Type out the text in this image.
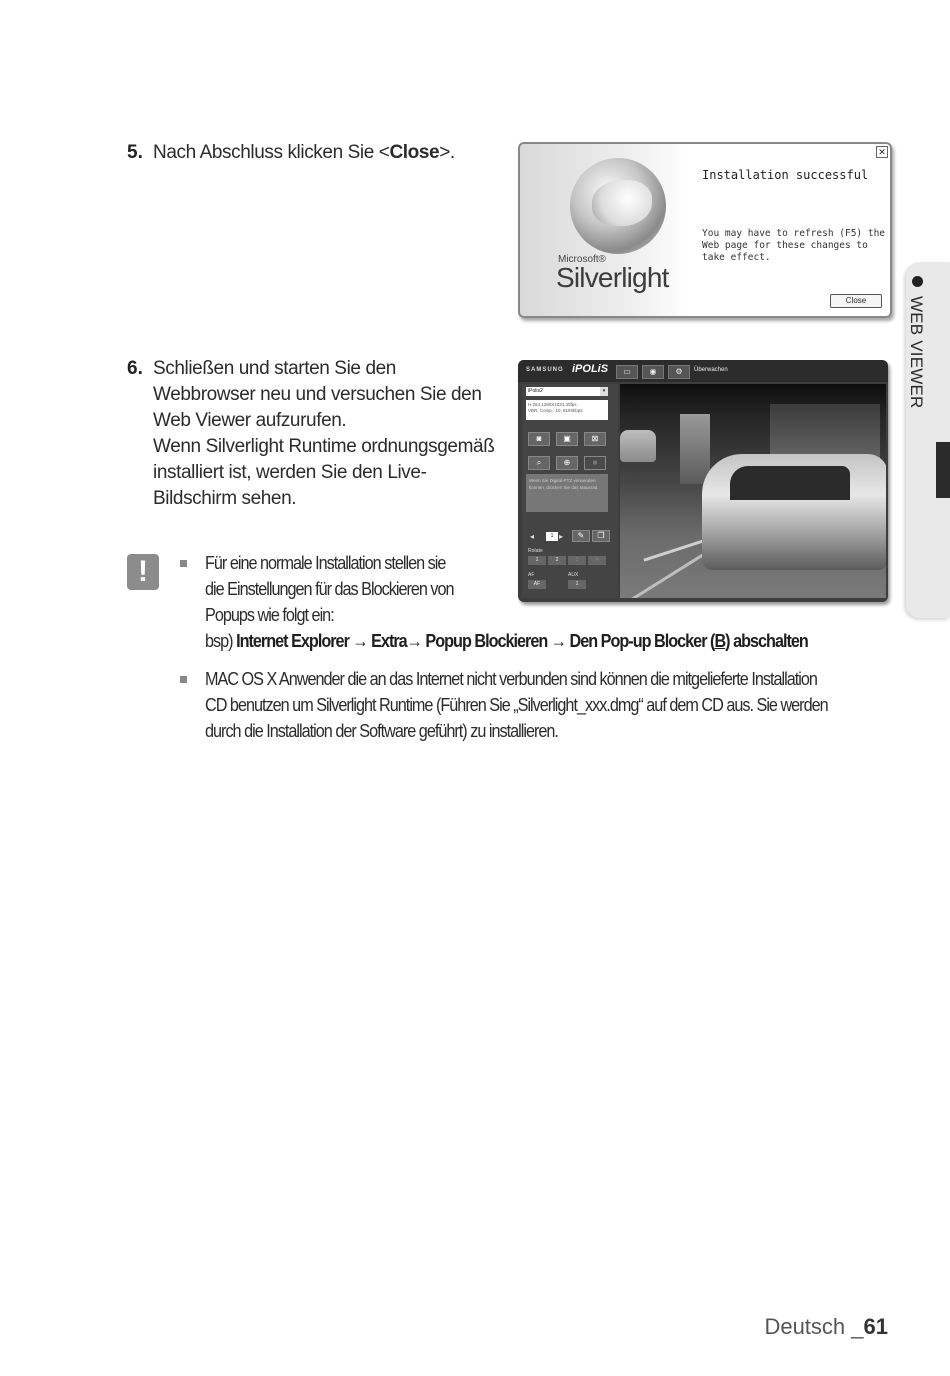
5. Nach Abschluss klicken Sie <Close>.
Microsoft®
Silverlight
✕
Installation successful
You may have to refresh (F5) the Web page for these changes to take effect.
Close
6. Schließen und starten Sie den
Webbrowser neu und versuchen Sie den
Web Viewer aufzurufen.
Wenn Silverlight Runtime ordnungsgemäß
installiert ist, werden Sie den Live-
Bildschirm sehen.
SAMSUNG iPOLiS	▭	◉	⚙	Überwachen
iPolis2	▾
H.264,1280X1024,30fps
VBR, Comp.: 10, 8192kbps
◙	▣	⊠
⌕	⊕	■
Wenn Sie Digital-PTZ verwenden können, drücken Sie das Mausrad.
◂	1 ▸	✎	❐
Rotate
1	2	3	4
AF	AUX
AF	1
!	Für eine normale Installation stellen sie
die Einstellungen für das Blockieren von
Popups wie folgt ein:
bsp) Internet Explorer → Extra→ Popup Blockieren → Den Pop-up Blocker (B) abschalten
MAC OS X Anwender die an das Internet nicht verbunden sind können die mitgelieferte Installation
CD benutzen um Silverlight Runtime (Führen Sie „Silverlight_xxx.dmg“ auf dem CD aus. Sie werden
durch die Installation der Software geführt) zu installieren.
WEB VIEWER
Deutsch _61
